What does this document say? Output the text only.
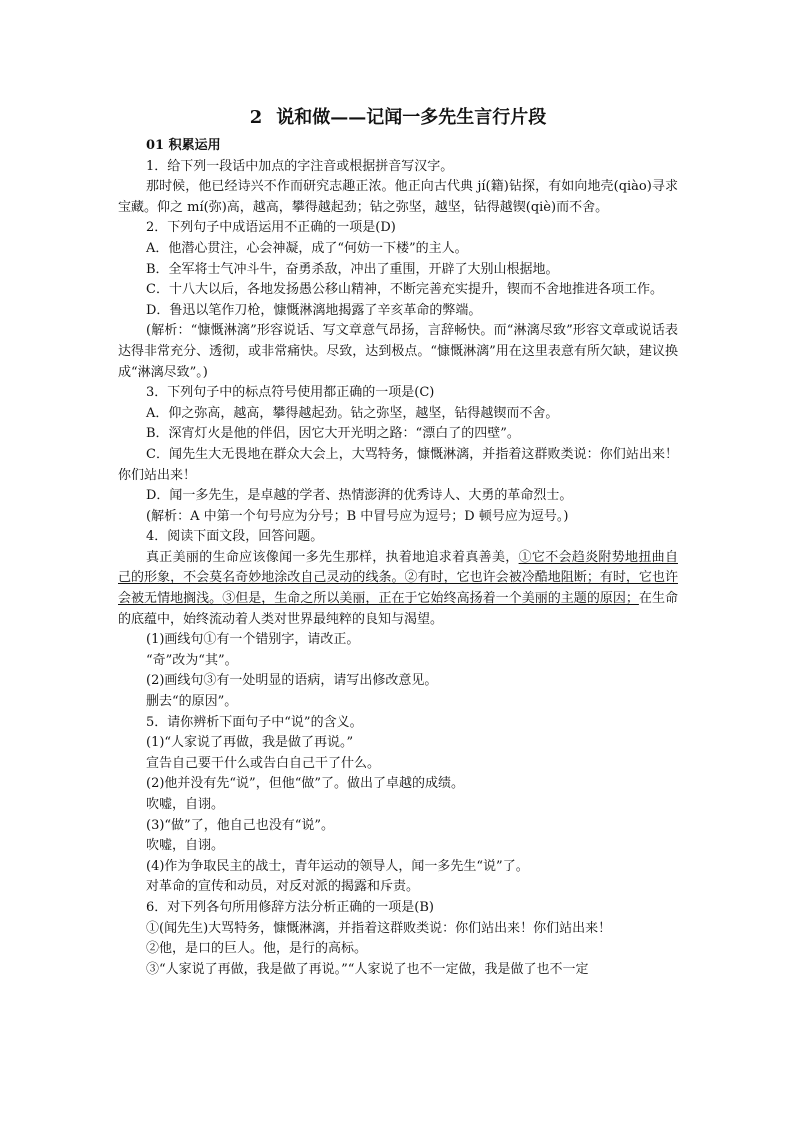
2 说和做——记闻一多先生言行片段
01 积累运用
1．给下列一段话中加点的字注音或根据拼音写汉字。

那时候，他已经诗兴不作而研究志趣正浓。他正向古代典 jí(籍)钻探，有如向地壳(qiào)寻求宝藏。仰之 mí(弥)高，越高，攀得越起劲；钻之弥坚，越坚，钻得越锲(qiè)而不舍。

2．下列句子中成语运用不正确的一项是(D)
A．他潜心贯注，心会神凝，成了“何妨一下楼”的主人。
B．全军将士气冲斗牛，奋勇杀敌，冲出了重围，开辟了大别山根据地。

C．十八大以后，各地发扬愚公移山精神，不断完善充实提升，锲而不舍地推进各项工作。

D．鲁迅以笔作刀枪，慷慨淋漓地揭露了辛亥革命的弊端。

(解析：“慷慨淋漓”形容说话、写文章意气昂扬，言辞畅快。而“淋漓尽致”形容文章或说话表达得非常充分、透彻，或非常痛快。尽致，达到极点。“慷慨淋漓”用在这里表意有所欠缺，建议换成“淋漓尽致”。)

3．下列句子中的标点符号使用都正确的一项是(C)
A．仰之弥高，越高，攀得越起劲。钻之弥坚，越坚，钻得越锲而不舍。
B．深宵灯火是他的伴侣，因它大开光明之路：“漂白了的四壁”。

C．闻先生大无畏地在群众大会上，大骂特务，慷慨淋漓，并指着这群败类说：你们站出来！你们站出来！

D．闻一多先生，是卓越的学者、热情澎湃的优秀诗人、大勇的革命烈士。
(解析：A 中第一个句号应为分号；B 中冒号应为逗号；D 顿号应为逗号。)
4．阅读下面文段，回答问题。

真正美丽的生命应该像闻一多先生那样，执着地追求着真善美，①它不会趋炎附势地扭曲自己的形象，不会莫名奇妙地涂改自己灵动的线条。②有时，它也许会被冷酷地阻断；有时，它也许会被无情地搁浅。③但是，生命之所以美丽，正在于它始终高扬着一个美丽的主题的原因；在生命的底蕴中，始终流动着人类对世界最纯粹的良知与渴望。

(1)画线句①有一个错别字，请改正。
“奇”改为“其”。
(2)画线句③有一处明显的语病，请写出修改意见。
删去“的原因”。
5．请你辨析下面句子中“说”的含义。
(1)“人家说了再做，我是做了再说。”
宣告自己要干什么或告白自己干了什么。
(2)他并没有先“说”，但他“做”了。做出了卓越的成绩。
吹嘘，自诩。
(3)“做”了，他自己也没有“说”。
吹嘘，自诩。
(4)作为争取民主的战士，青年运动的领导人，闻一多先生“说”了。
对革命的宣传和动员，对反对派的揭露和斥责。
6．对下列各句所用修辞方法分析正确的一项是(B)
①(闻先生)大骂特务，慷慨淋漓，并指着这群败类说：你们站出来！你们站出来！
②他，是口的巨人。他，是行的高标。
③“人家说了再做，我是做了再说。”“人家说了也不一定做，我是做了也不一定
